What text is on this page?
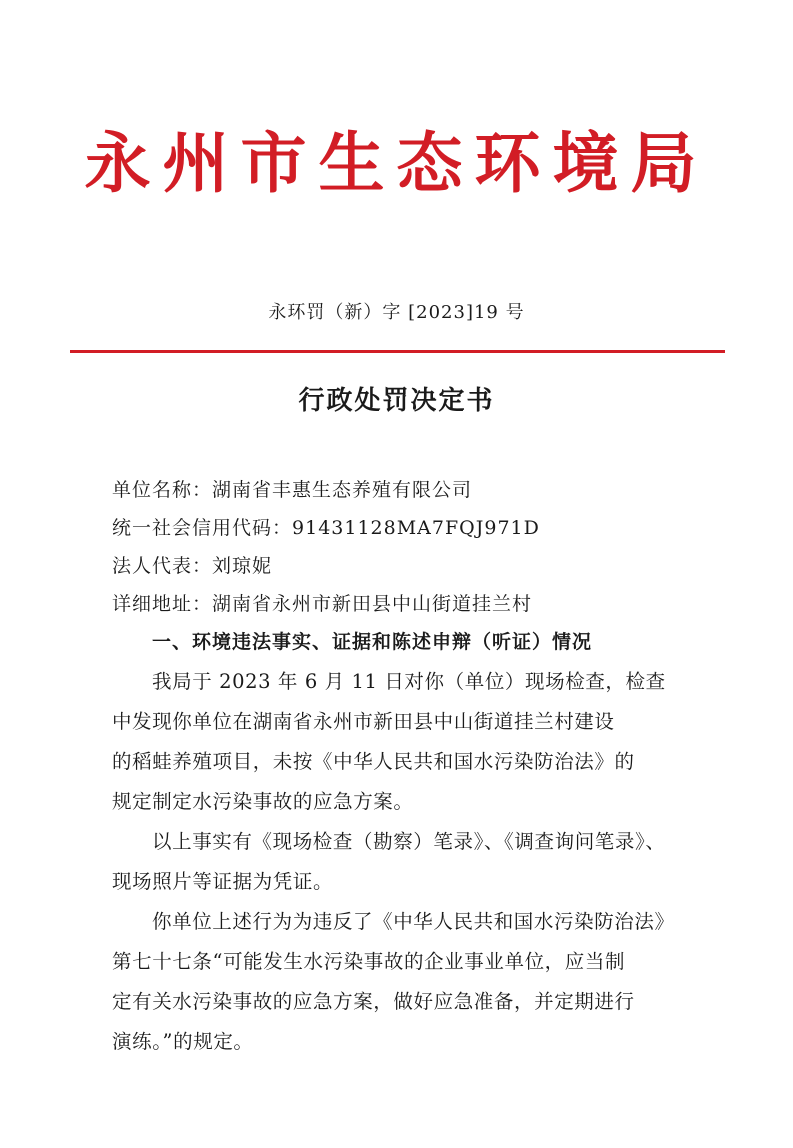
永州市生态环境局
永环罚（新）字 [2023]19 号
行政处罚决定书
单位名称：湖南省丰惠生态养殖有限公司
统一社会信用代码：91431128MA7FQJ971D
法人代表：刘琼妮
详细地址：湖南省永州市新田县中山街道挂兰村
一、环境违法事实、证据和陈述申辩（听证）情况
我局于 2023 年 6 月 11 日对你（单位）现场检查，检查
中发现你单位在湖南省永州市新田县中山街道挂兰村建设
的稻蛙养殖项目，未按《中华人民共和国水污染防治法》的
规定制定水污染事故的应急方案。
以上事实有《现场检查（勘察）笔录》、《调查询问笔录》、
现场照片等证据为凭证。
你单位上述行为为违反了《中华人民共和国水污染防治法》
第七十七条“可能发生水污染事故的企业事业单位，应当制
定有关水污染事故的应急方案，做好应急准备，并定期进行
演练。”的规定。
